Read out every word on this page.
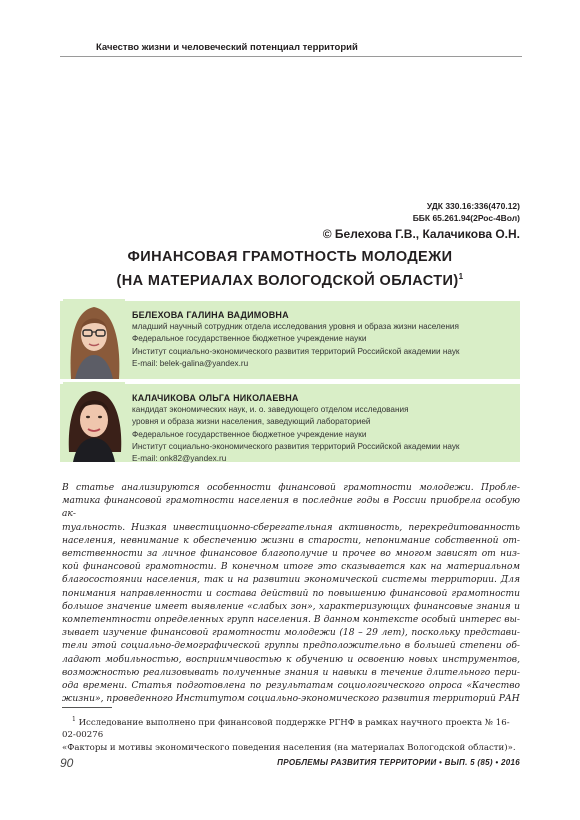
Качество жизни и человеческий потенциал территорий
УДК 330.16:336(470.12)
ББК 65.261.94(2Рос-4Вол)
© Белехова Г.В., Калачикова О.Н.
ФИНАНСОВАЯ ГРАМОТНОСТЬ МОЛОДЕЖИ
(НА МАТЕРИАЛАХ ВОЛОГОДСКОЙ ОБЛАСТИ)$^1$
БЕЛЕХОВА ГАЛИНА ВАДИМОВНА
младший научный сотрудник отдела исследования уровня и образа жизни населения
Федеральное государственное бюджетное учреждение науки
Институт социально-экономического развития территорий Российской академии наук
E-mail: belek-galina@yandex.ru
КАЛАЧИКОВА ОЛЬГА НИКОЛАЕВНА
кандидат экономических наук, и. о. заведующего отделом исследования
уровня и образа жизни населения, заведующий лабораторией
Федеральное государственное бюджетное учреждение науки
Институт социально-экономического развития территорий Российской академии наук
E-mail: onk82@yandex.ru
В статье анализируются особенности финансовой грамотности молодежи. Пробле-
матика финансовой грамотности населения в последние годы в России приобрела особую ак-
туальность. Низкая инвестиционно-сберегательная активность, перекредитованность
населения, невнимание к обеспечению жизни в старости, непонимание собственной от-
ветственности за личное финансовое благополучие и прочее во многом зависят от низ-
кой финансовой грамотности. В конечном итоге это сказывается как на материальном
благосостоянии населения, так и на развитии экономической системы территории. Для
понимания направленности и состава действий по повышению финансовой грамотности
большое значение имеет выявление «слабых зон», характеризующих финансовые знания и
компетентности определенных групп населения. В данном контексте особый интерес вы-
зывает изучение финансовой грамотности молодежи (18 – 29 лет), поскольку представи-
тели этой социально-демографической группы предположительно в большей степени об-
ладают мобильностью, восприимчивостью к обучению и освоению новых инструментов,
возможностью реализовывать полученные знания и навыки в течение длительного пери-
ода времени. Статья подготовлена по результатам социологического опроса «Качество
жизни», проведенного Институтом социально-экономического развития территорий РАН
$^1$ Исследование выполнено при финансовой поддержке РГНФ в рамках научного проекта № 16-02-00276
«Факторы и мотивы экономического поведения населения (на материалах Вологодской области)».
90	ПРОБЛЕМЫ РАЗВИТИЯ ТЕРРИТОРИИ • ВЫП. 5 (85) • 2016
